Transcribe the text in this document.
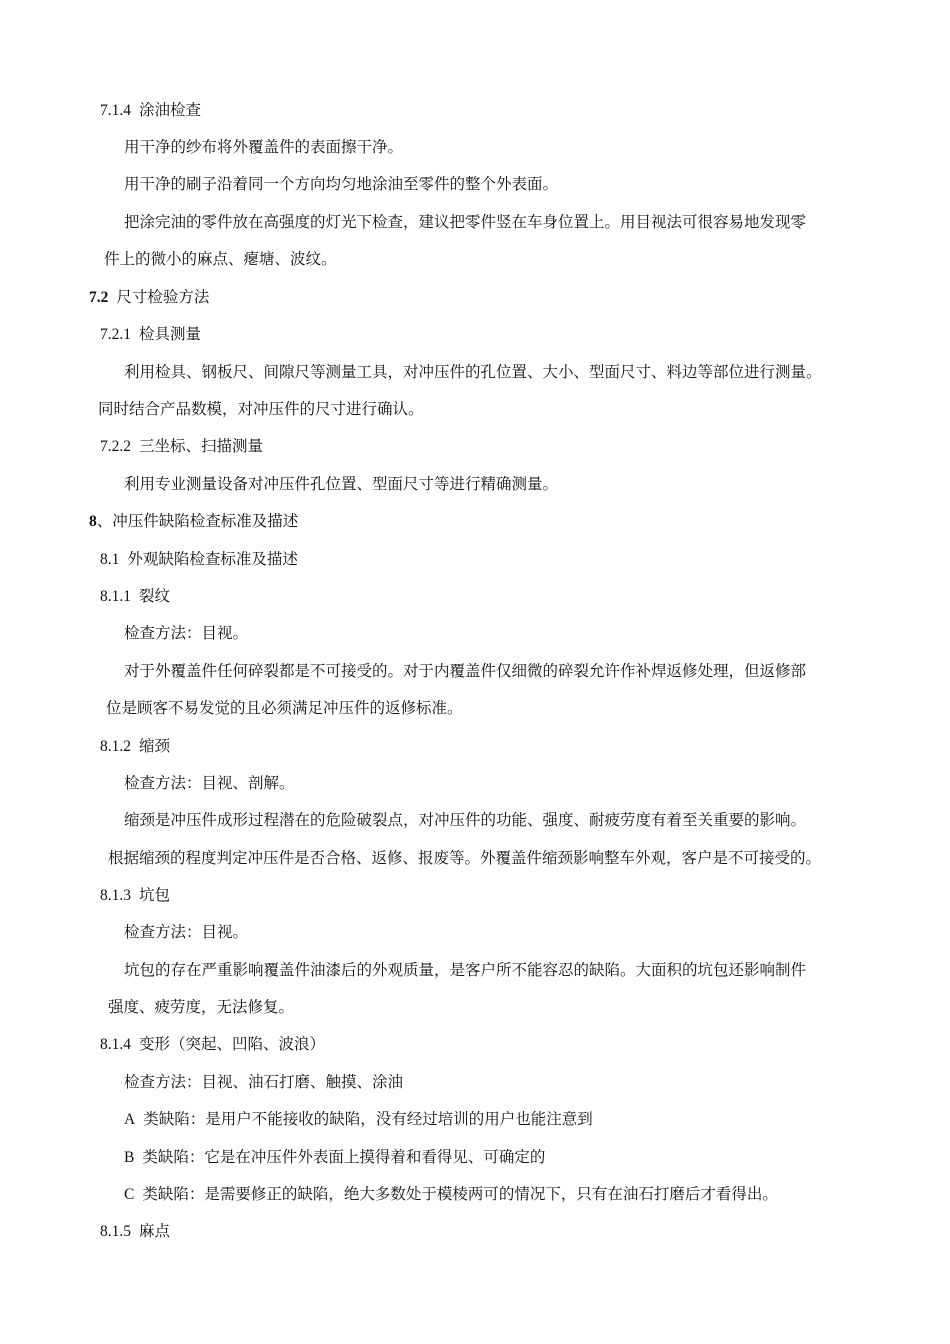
7.1.4 涂油检查
用干净的纱布将外覆盖件的表面擦干净。
用干净的刷子沿着同一个方向均匀地涂油至零件的整个外表面。
把涂完油的零件放在高强度的灯光下检查，建议把零件竖在车身位置上。用目视法可很容易地发现零
件上的微小的麻点、瘪塘、波纹。
7.2 尺寸检验方法
7.2.1 检具测量
利用检具、钢板尺、间隙尺等测量工具，对冲压件的孔位置、大小、型面尺寸、料边等部位进行测量。
同时结合产品数模，对冲压件的尺寸进行确认。
7.2.2 三坐标、扫描测量
利用专业测量设备对冲压件孔位置、型面尺寸等进行精确测量。
8、冲压件缺陷检查标准及描述
8.1 外观缺陷检查标准及描述
8.1.1 裂纹
检查方法：目视。
对于外覆盖件任何碎裂都是不可接受的。对于内覆盖件仅细微的碎裂允许作补焊返修处理，但返修部
位是顾客不易发觉的且必须满足冲压件的返修标准。
8.1.2 缩颈
检查方法：目视、剖解。
缩颈是冲压件成形过程潜在的危险破裂点，对冲压件的功能、强度、耐疲劳度有着至关重要的影响。
根据缩颈的程度判定冲压件是否合格、返修、报废等。外覆盖件缩颈影响整车外观，客户是不可接受的。
8.1.3 坑包
检查方法：目视。
坑包的存在严重影响覆盖件油漆后的外观质量，是客户所不能容忍的缺陷。大面积的坑包还影响制件
强度、疲劳度，无法修复。
8.1.4 变形（突起、凹陷、波浪）
检查方法：目视、油石打磨、触摸、涂油
A 类缺陷：是用户不能接收的缺陷，没有经过培训的用户也能注意到
B 类缺陷：它是在冲压件外表面上摸得着和看得见、可确定的
C 类缺陷：是需要修正的缺陷，绝大多数处于模棱两可的情况下，只有在油石打磨后才看得出。
8.1.5 麻点
